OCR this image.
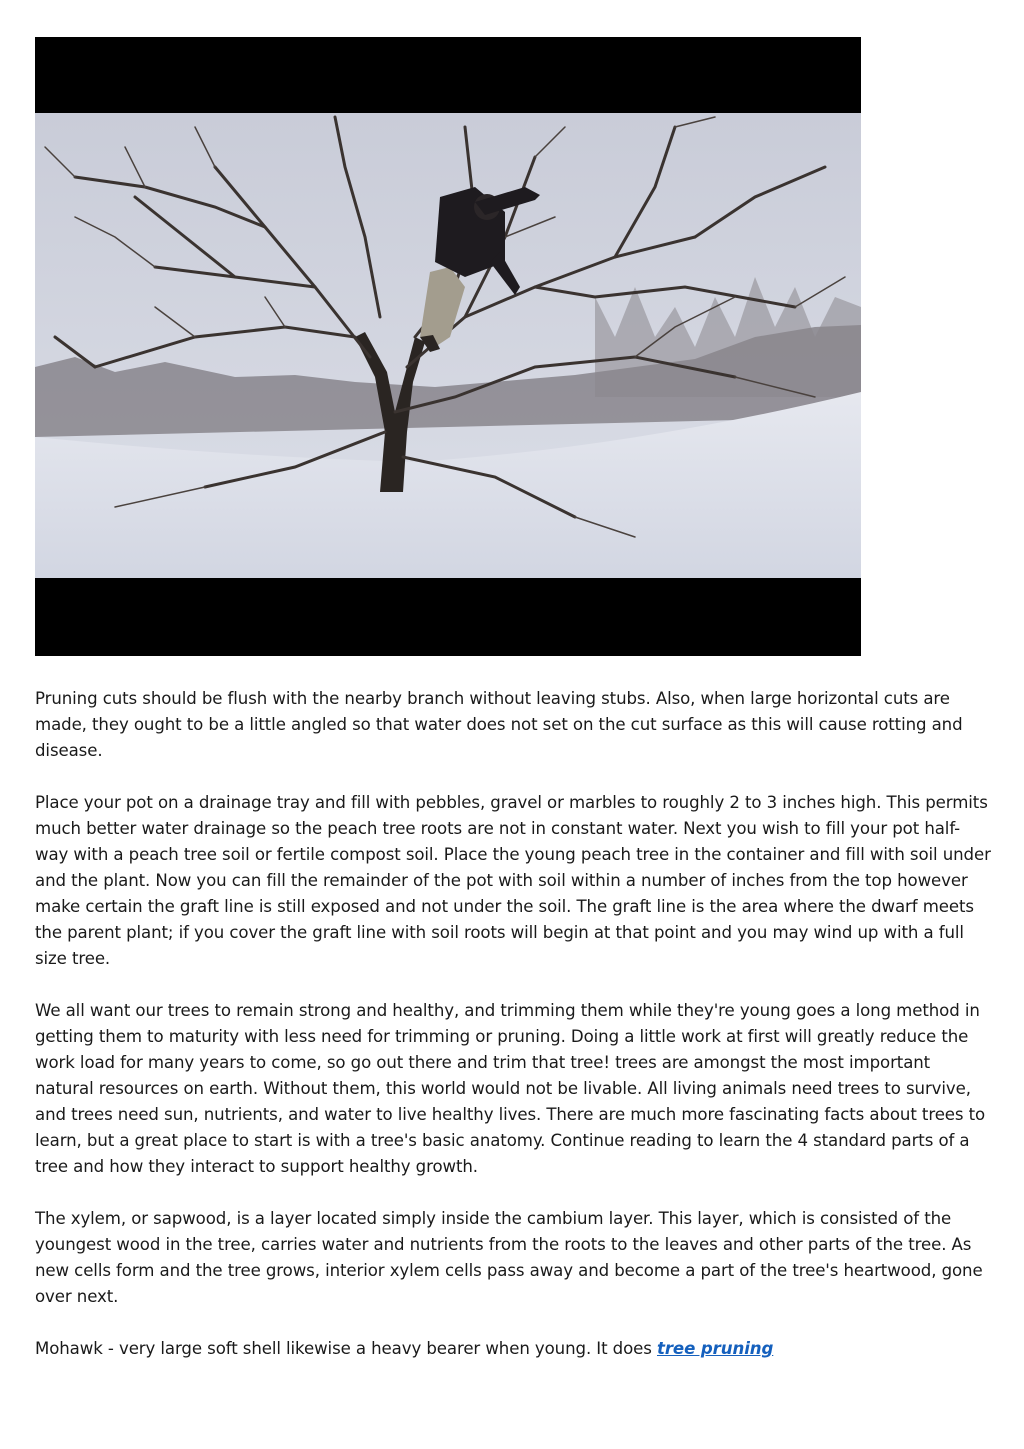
Pruning cuts should be flush with the nearby branch without leaving stubs. Also, when large horizontal cuts are made, they ought to be a little angled so that water does not set on the cut surface as this will cause rotting and disease.

Place your pot on a drainage tray and fill with pebbles, gravel or marbles to roughly 2 to 3 inches high. This permits much better water drainage so the peach tree roots are not in constant water. Next you wish to fill your pot half-way with a peach tree soil or fertile compost soil. Place the young peach tree in the container and fill with soil under and the plant. Now you can fill the remainder of the pot with soil within a number of inches from the top however make certain the graft line is still exposed and not under the soil. The graft line is the area where the dwarf meets the parent plant; if you cover the graft line with soil roots will begin at that point and you may wind up with a full size tree.

We all want our trees to remain strong and healthy, and trimming them while they're young goes a long method in getting them to maturity with less need for trimming or pruning. Doing a little work at first will greatly reduce the work load for many years to come, so go out there and trim that tree! trees are amongst the most important natural resources on earth. Without them, this world would not be livable. All living animals need trees to survive, and trees need sun, nutrients, and water to live healthy lives. There are much more fascinating facts about trees to learn, but a great place to start is with a tree's basic anatomy. Continue reading to learn the 4 standard parts of a tree and how they interact to support healthy growth.

The xylem, or sapwood, is a layer located simply inside the cambium layer. This layer, which is consisted of the youngest wood in the tree, carries water and nutrients from the roots to the leaves and other parts of the tree. As new cells form and the tree grows, interior xylem cells pass away and become a part of the tree's heartwood, gone over next.

Mohawk - very large soft shell likewise a heavy bearer when young. It does tree pruning
